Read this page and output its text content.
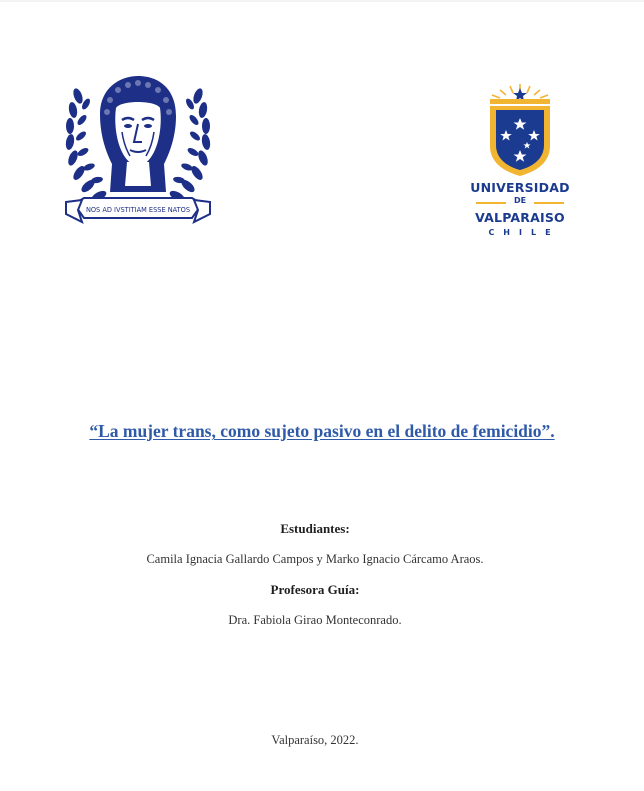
NOS AD IVSTITIAM ESSE NATOS
UNIVERSIDAD
DE
VALPARAISO
CHILE
“La mujer trans, como sujeto pasivo en el delito de femicidio”.
Estudiantes:
Camila Ignacia Gallardo Campos y Marko Ignacio Cárcamo Araos.
Profesora Guía:
Dra. Fabiola Girao Monteconrado.
Valparaíso, 2022.
